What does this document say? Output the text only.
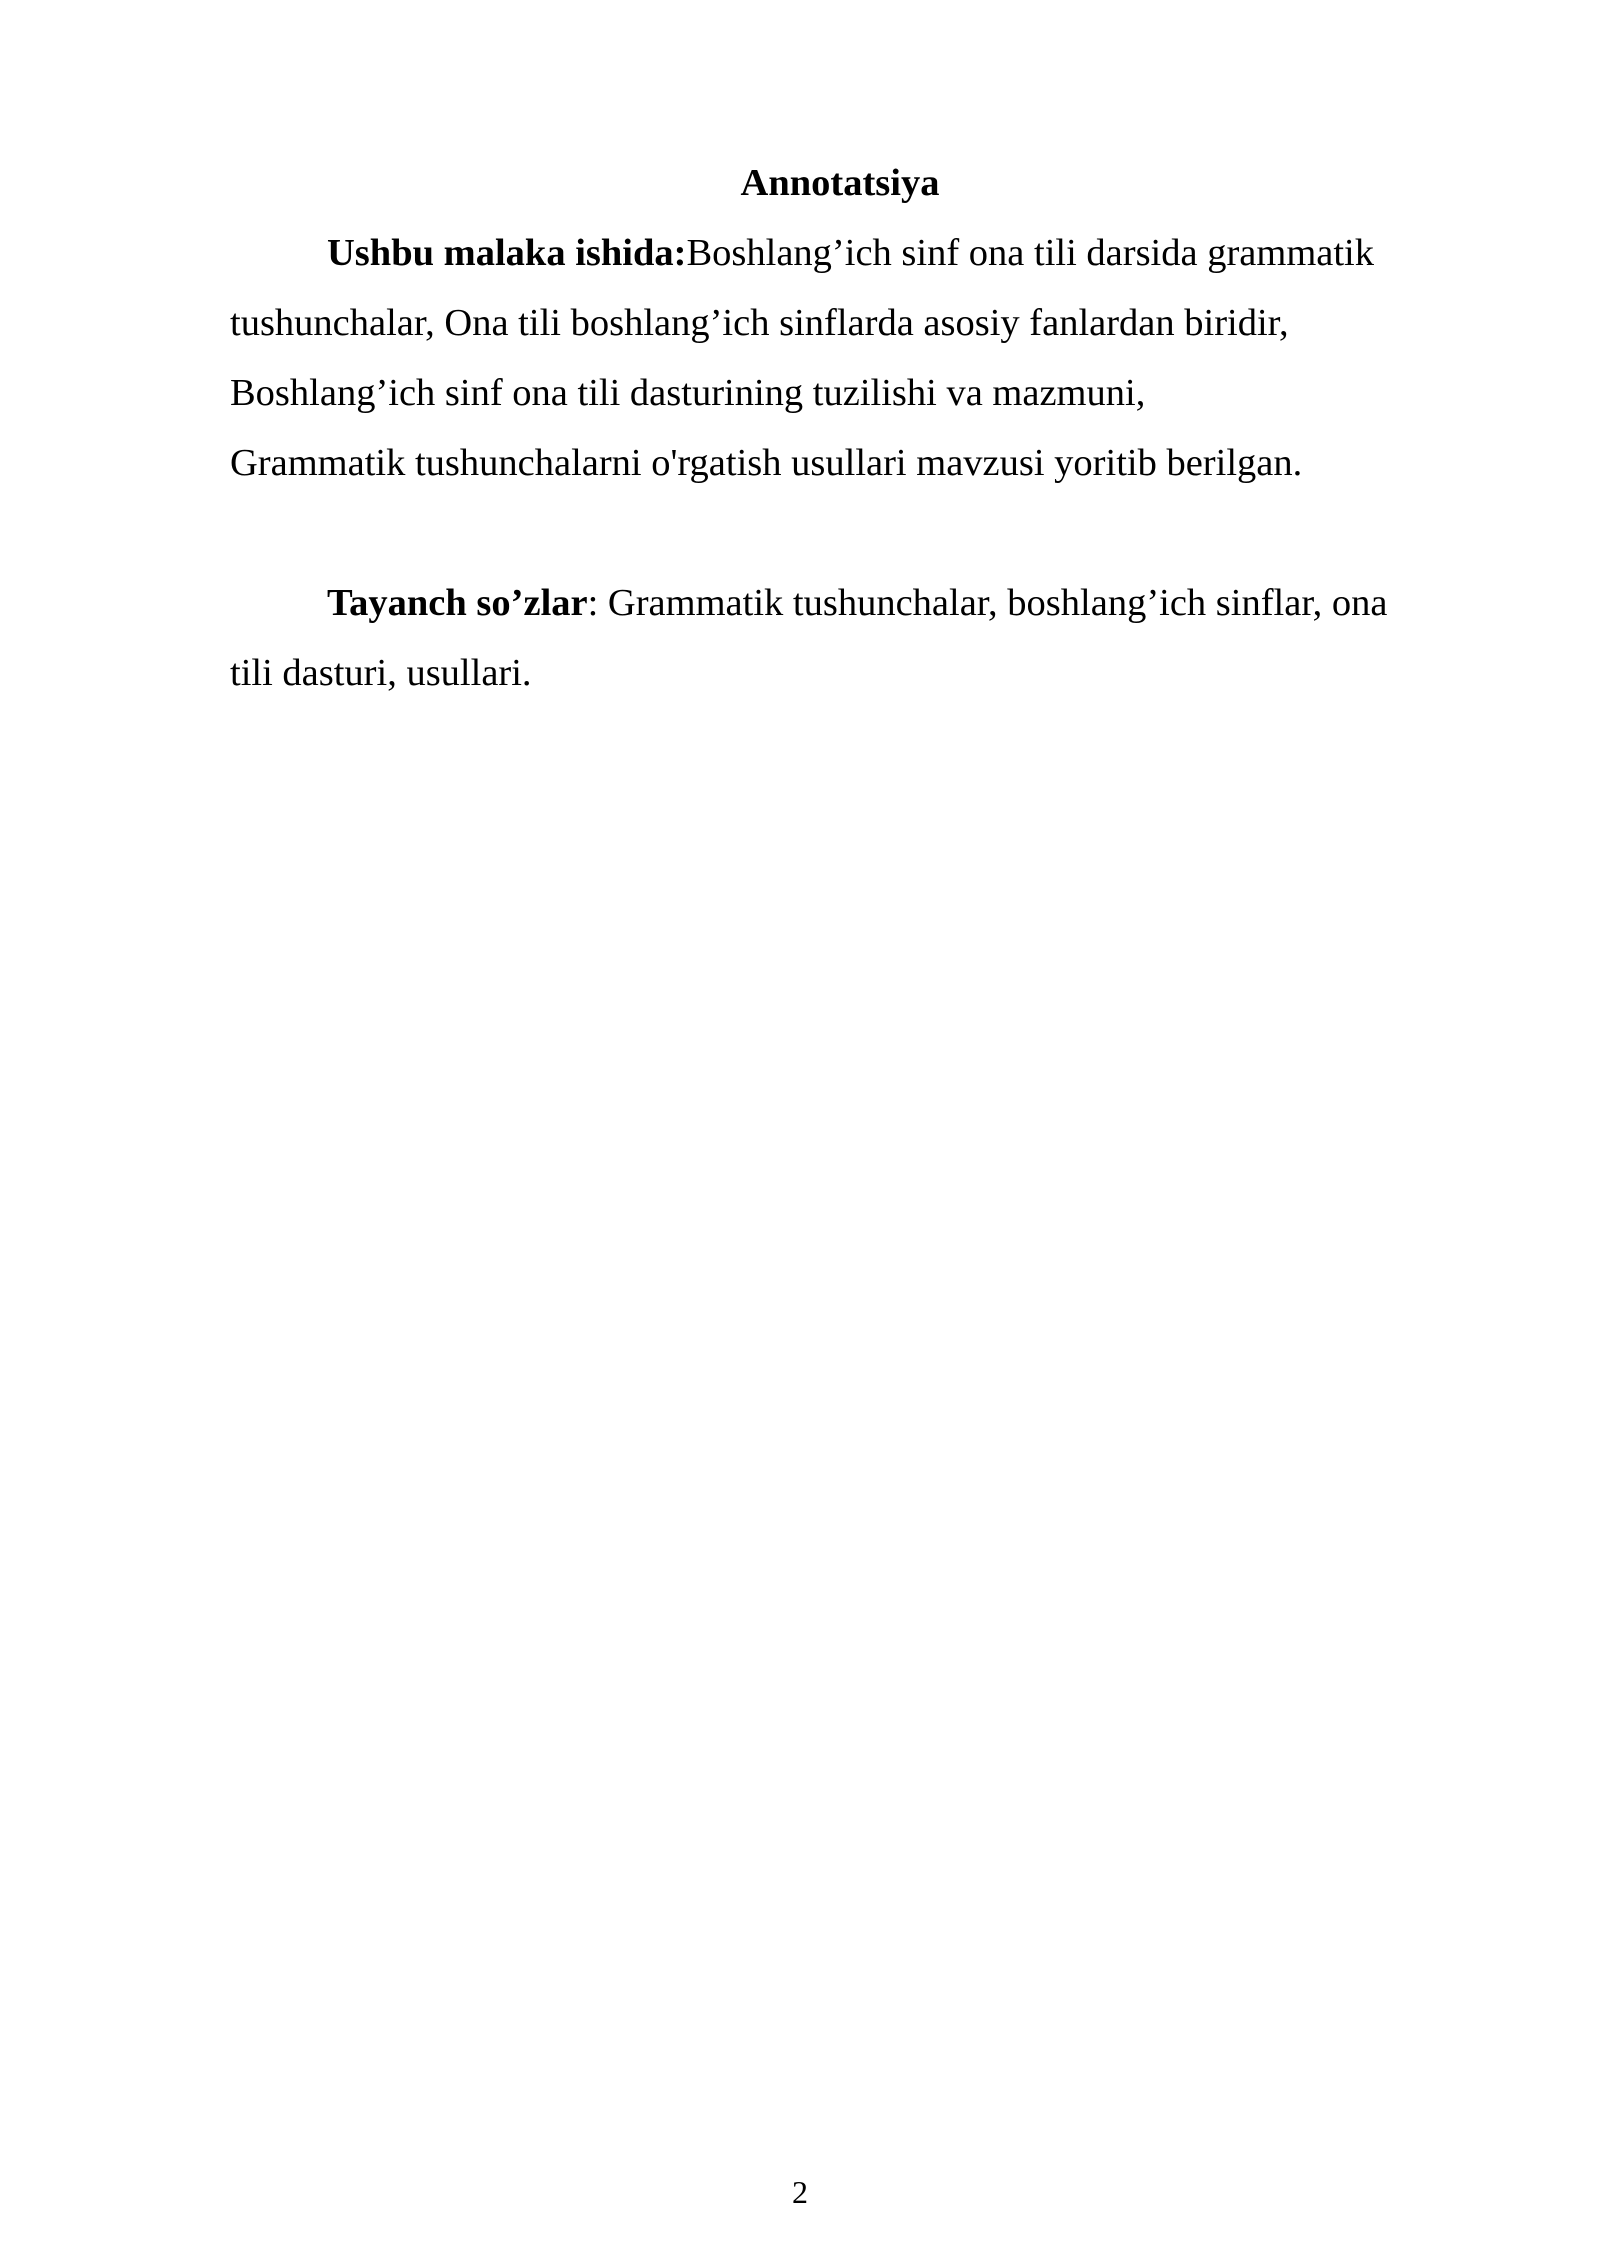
Annotatsiya

Ushbu malaka ishida:Boshlang’ich sinf ona tili darsida grammatik
tushunchalar, Ona tili boshlang’ich sinflarda asosiy fanlardan biridir,
Boshlang’ich sinf ona tili dasturining tuzilishi va mazmuni,
Grammatik tushunchalarni o'rgatish usullari mavzusi yoritib berilgan.

Tayanch so’zlar: Grammatik tushunchalar, boshlang’ich sinflar, ona
tili dasturi, usullari.

2
